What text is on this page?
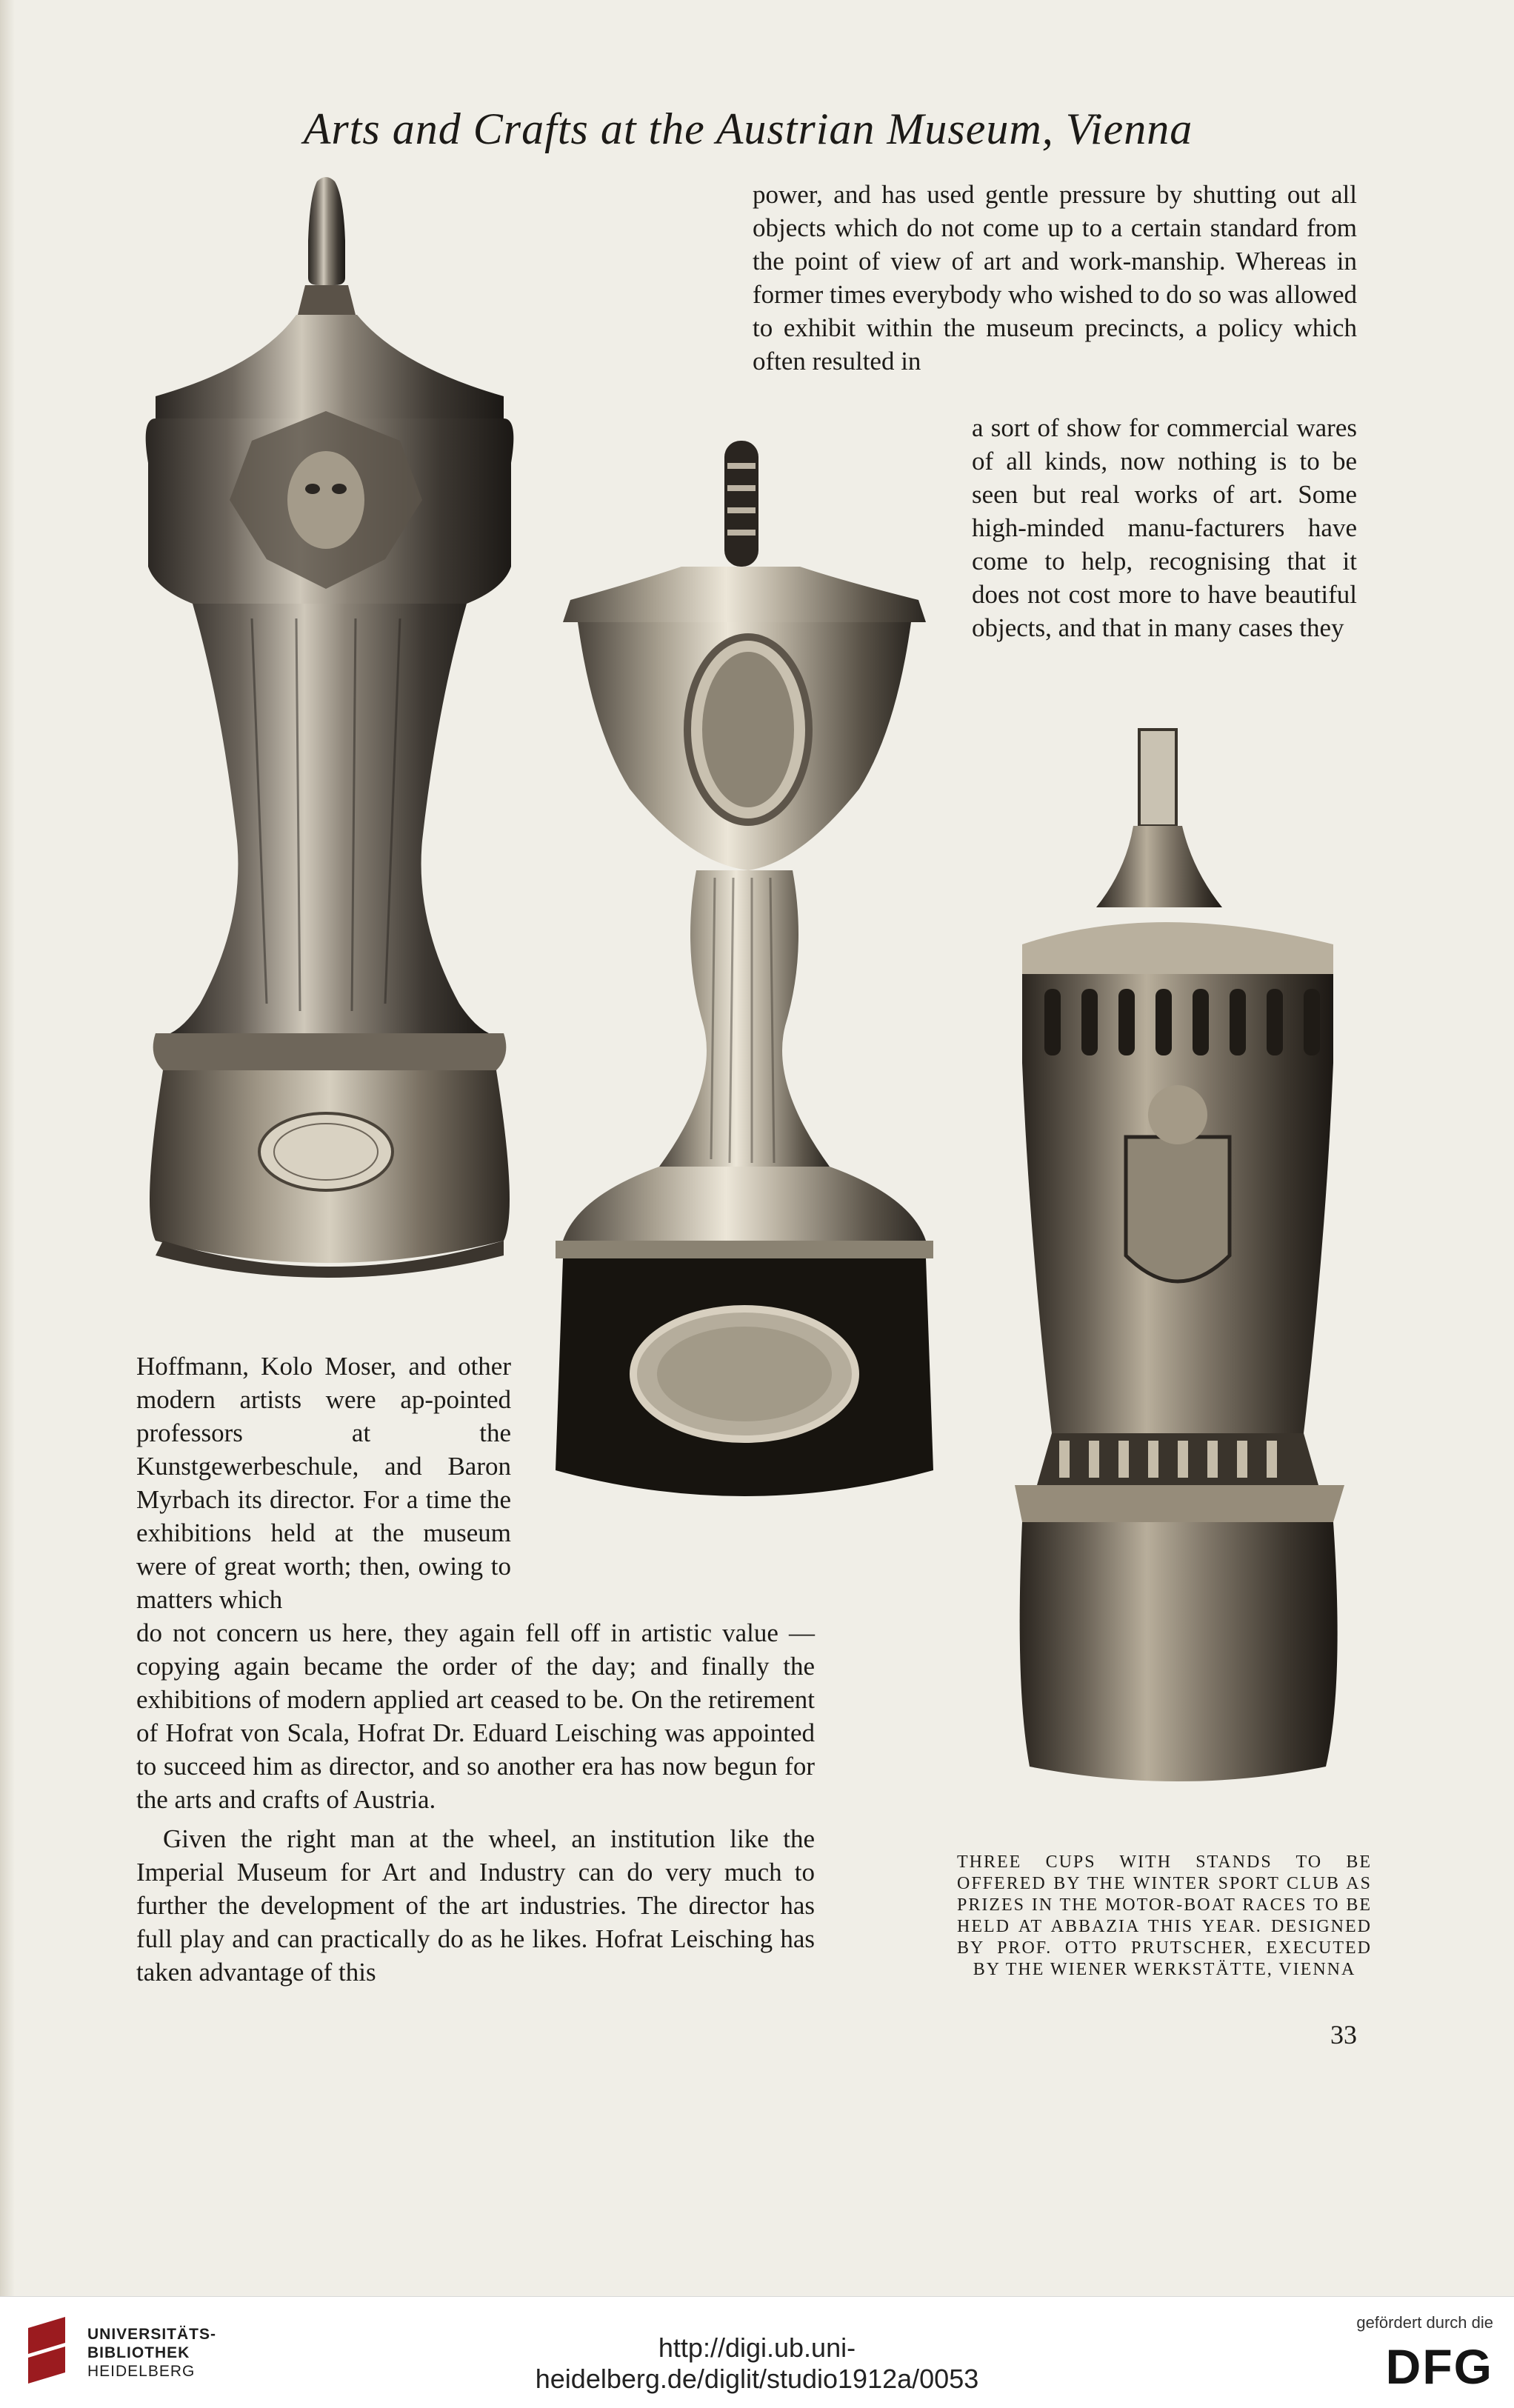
Arts and Crafts at the Austrian Museum, Vienna

power, and has used gentle pressure by shutting out all objects which do not come up to a certain standard from the point of view of art and work-manship. Whereas in former times everybody who wished to do so was allowed to exhibit within the museum precincts, a policy which often resulted in

a sort of show for commercial wares of all kinds, now nothing is to be seen but real works of art. Some high-minded manu-facturers have come to help, recognising that it does not cost more to have beautiful objects, and that in many cases they

Hoffmann, Kolo Moser, and other modern artists were ap-pointed professors at the Kunstgewerbeschule, and Baron Myrbach its director. For a time the exhibitions held at the museum were of great worth; then, owing to matters which

do not concern us here, they again fell off in artistic value —copying again became the order of the day; and finally the exhibitions of modern applied art ceased to be. On the retirement of Hofrat von Scala, Hofrat Dr. Eduard Leisching was appointed to succeed him as director, and so another era has now begun for the arts and crafts of Austria.

Given the right man at the wheel, an institution like the Imperial Museum for Art and Industry can do very much to further the development of the art industries. The director has full play and can practically do as he likes. Hofrat Leisching has taken advantage of this

THREE CUPS WITH STANDS TO BE OFFERED BY THE WINTER SPORT CLUB AS PRIZES IN THE MOTOR-BOAT RACES TO BE HELD AT ABBAZIA THIS YEAR. DESIGNED BY PROF. OTTO PRUTSCHER, EXECUTED BY THE WIENER WERKSTÄTTE, VIENNA
33
UNIVERSITÄTS-
BIBLIOTHEK
HEIDELBERG
http://digi.ub.uni-heidelberg.de/diglit/studio1912a/0053
gefördert durch die
DFG
